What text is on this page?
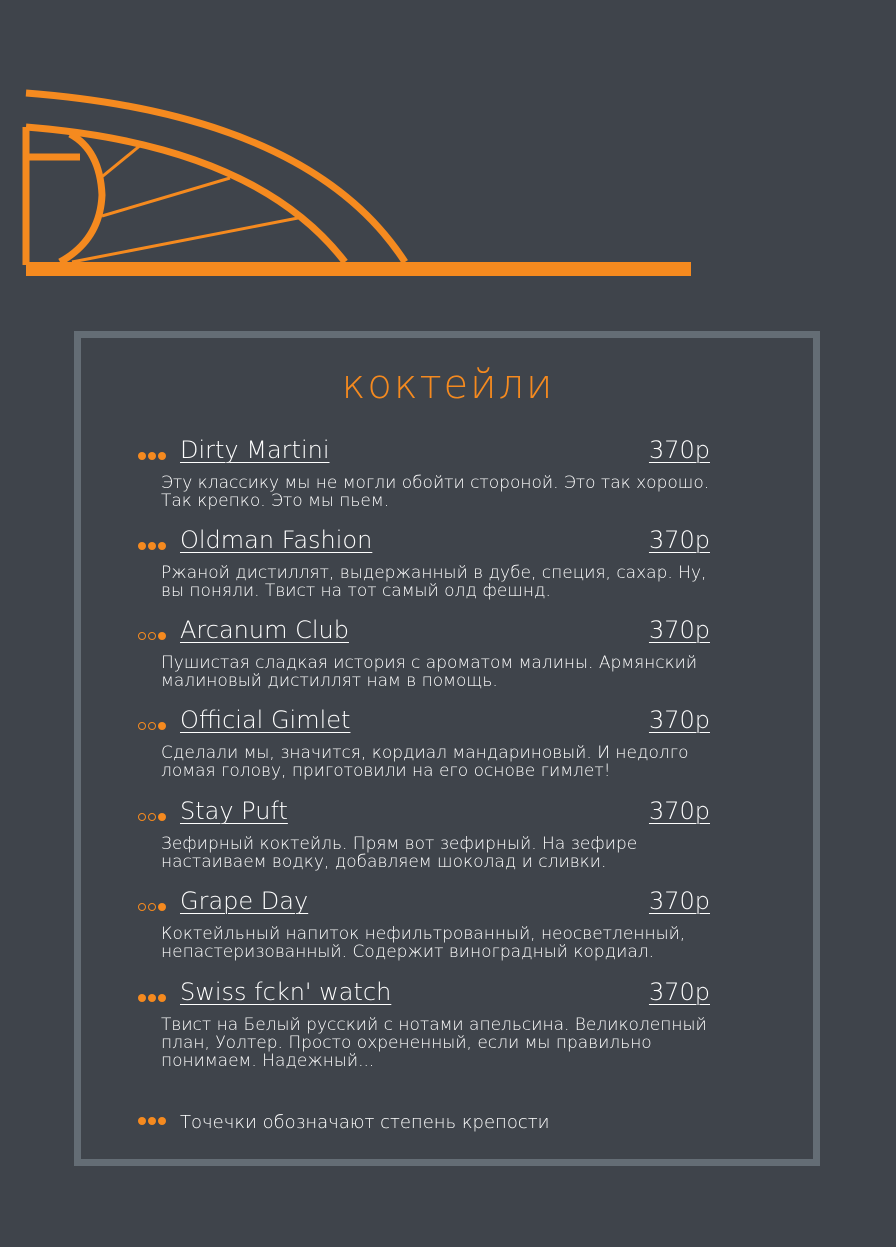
коктейли
Dirty Martini	370р
Эту классику мы не могли обойти стороной. Это так хорошо. Так крепко. Это мы пьем.
Oldman Fashion	370р
Ржаной дистиллят, выдержанный в дубе, специя, сахар. Ну, вы поняли. Твист на тот самый олд фешнд.
Arcanum Club	370р
Пушистая сладкая история с ароматом малины. Армянский малиновый дистиллят нам в помощь.
Official Gimlet	370р
Сделали мы, значится, кордиал мандариновый. И недолго ломая голову, приготовили на его основе гимлет!
Stay Puft	370р
Зефирный коктейль. Прям вот зефирный. На зефире настаиваем водку, добавляем шоколад и сливки.
Grape Day	370р
Коктейльный напиток нефильтрованный, неосветленный, непастеризованный. Содержит виноградный кордиал.
Swiss fckn' watch	370р
Твист на Белый русский с нотами апельсина. Великолепный план, Уолтер. Просто охрененный, если мы правильно понимаем. Надежный...
Точечки обозначают степень крепости
